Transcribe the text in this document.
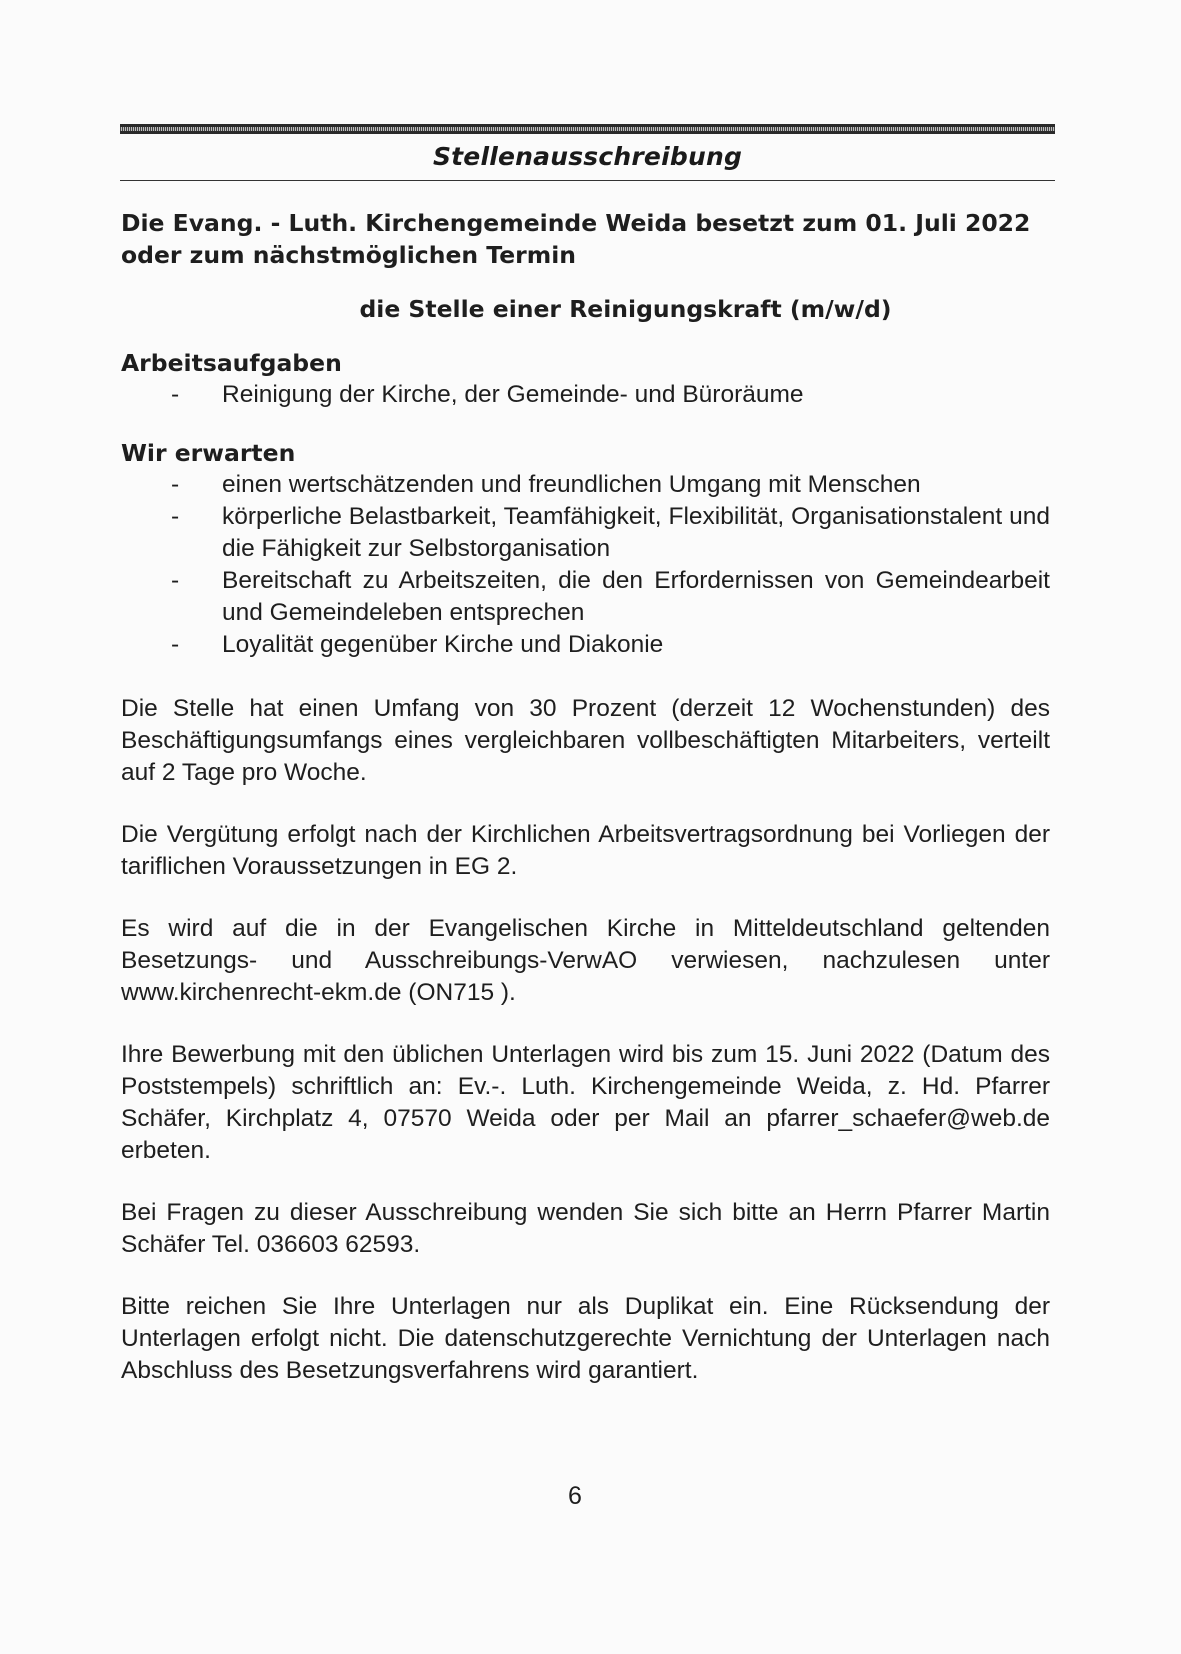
Stellenausschreibung

Die Evang. - Luth. Kirchengemeinde Weida besetzt zum 01. Juli 2022 oder zum nächstmöglichen Termin

die Stelle einer Reinigungskraft (m/w/d)

Arbeitsaufgaben
- Reinigung der Kirche, der Gemeinde- und Büroräume
Wir erwarten
- einen wertschätzenden und freundlichen Umgang mit Menschen
- körperliche Belastbarkeit, Teamfähigkeit, Flexibilität, Organisationstalent und die Fähigkeit zur Selbstorganisation
- Bereitschaft zu Arbeitszeiten, die den Erfordernissen von Gemeindearbeit und Gemeindeleben entsprechen
- Loyalität gegenüber Kirche und Diakonie

Die Stelle hat einen Umfang von 30 Prozent (derzeit 12 Wochenstunden) des Beschäftigungsumfangs eines vergleichbaren vollbeschäftigten Mitarbeiters, verteilt auf 2 Tage pro Woche.

Die Vergütung erfolgt nach der Kirchlichen Arbeitsvertragsordnung bei Vorliegen der tariflichen Voraussetzungen in EG 2.

Es wird auf die in der Evangelischen Kirche in Mitteldeutschland geltenden Besetzungs- und Ausschreibungs-VerwAO verwiesen, nachzulesen unter www.kirchenrecht-ekm.de (ON715 ).

Ihre Bewerbung mit den üblichen Unterlagen wird bis zum 15. Juni 2022 (Datum des Poststempels) schriftlich an: Ev.-. Luth. Kirchengemeinde Weida, z. Hd. Pfarrer Schäfer, Kirchplatz 4, 07570 Weida oder per Mail an pfarrer_schaefer@web.de erbeten.

Bei Fragen zu dieser Ausschreibung wenden Sie sich bitte an Herrn Pfarrer Martin Schäfer Tel. 036603 62593.

Bitte reichen Sie Ihre Unterlagen nur als Duplikat ein. Eine Rücksendung der Unterlagen erfolgt nicht. Die datenschutzgerechte Vernichtung der Unterlagen nach Abschluss des Besetzungsverfahrens wird garantiert.

6
